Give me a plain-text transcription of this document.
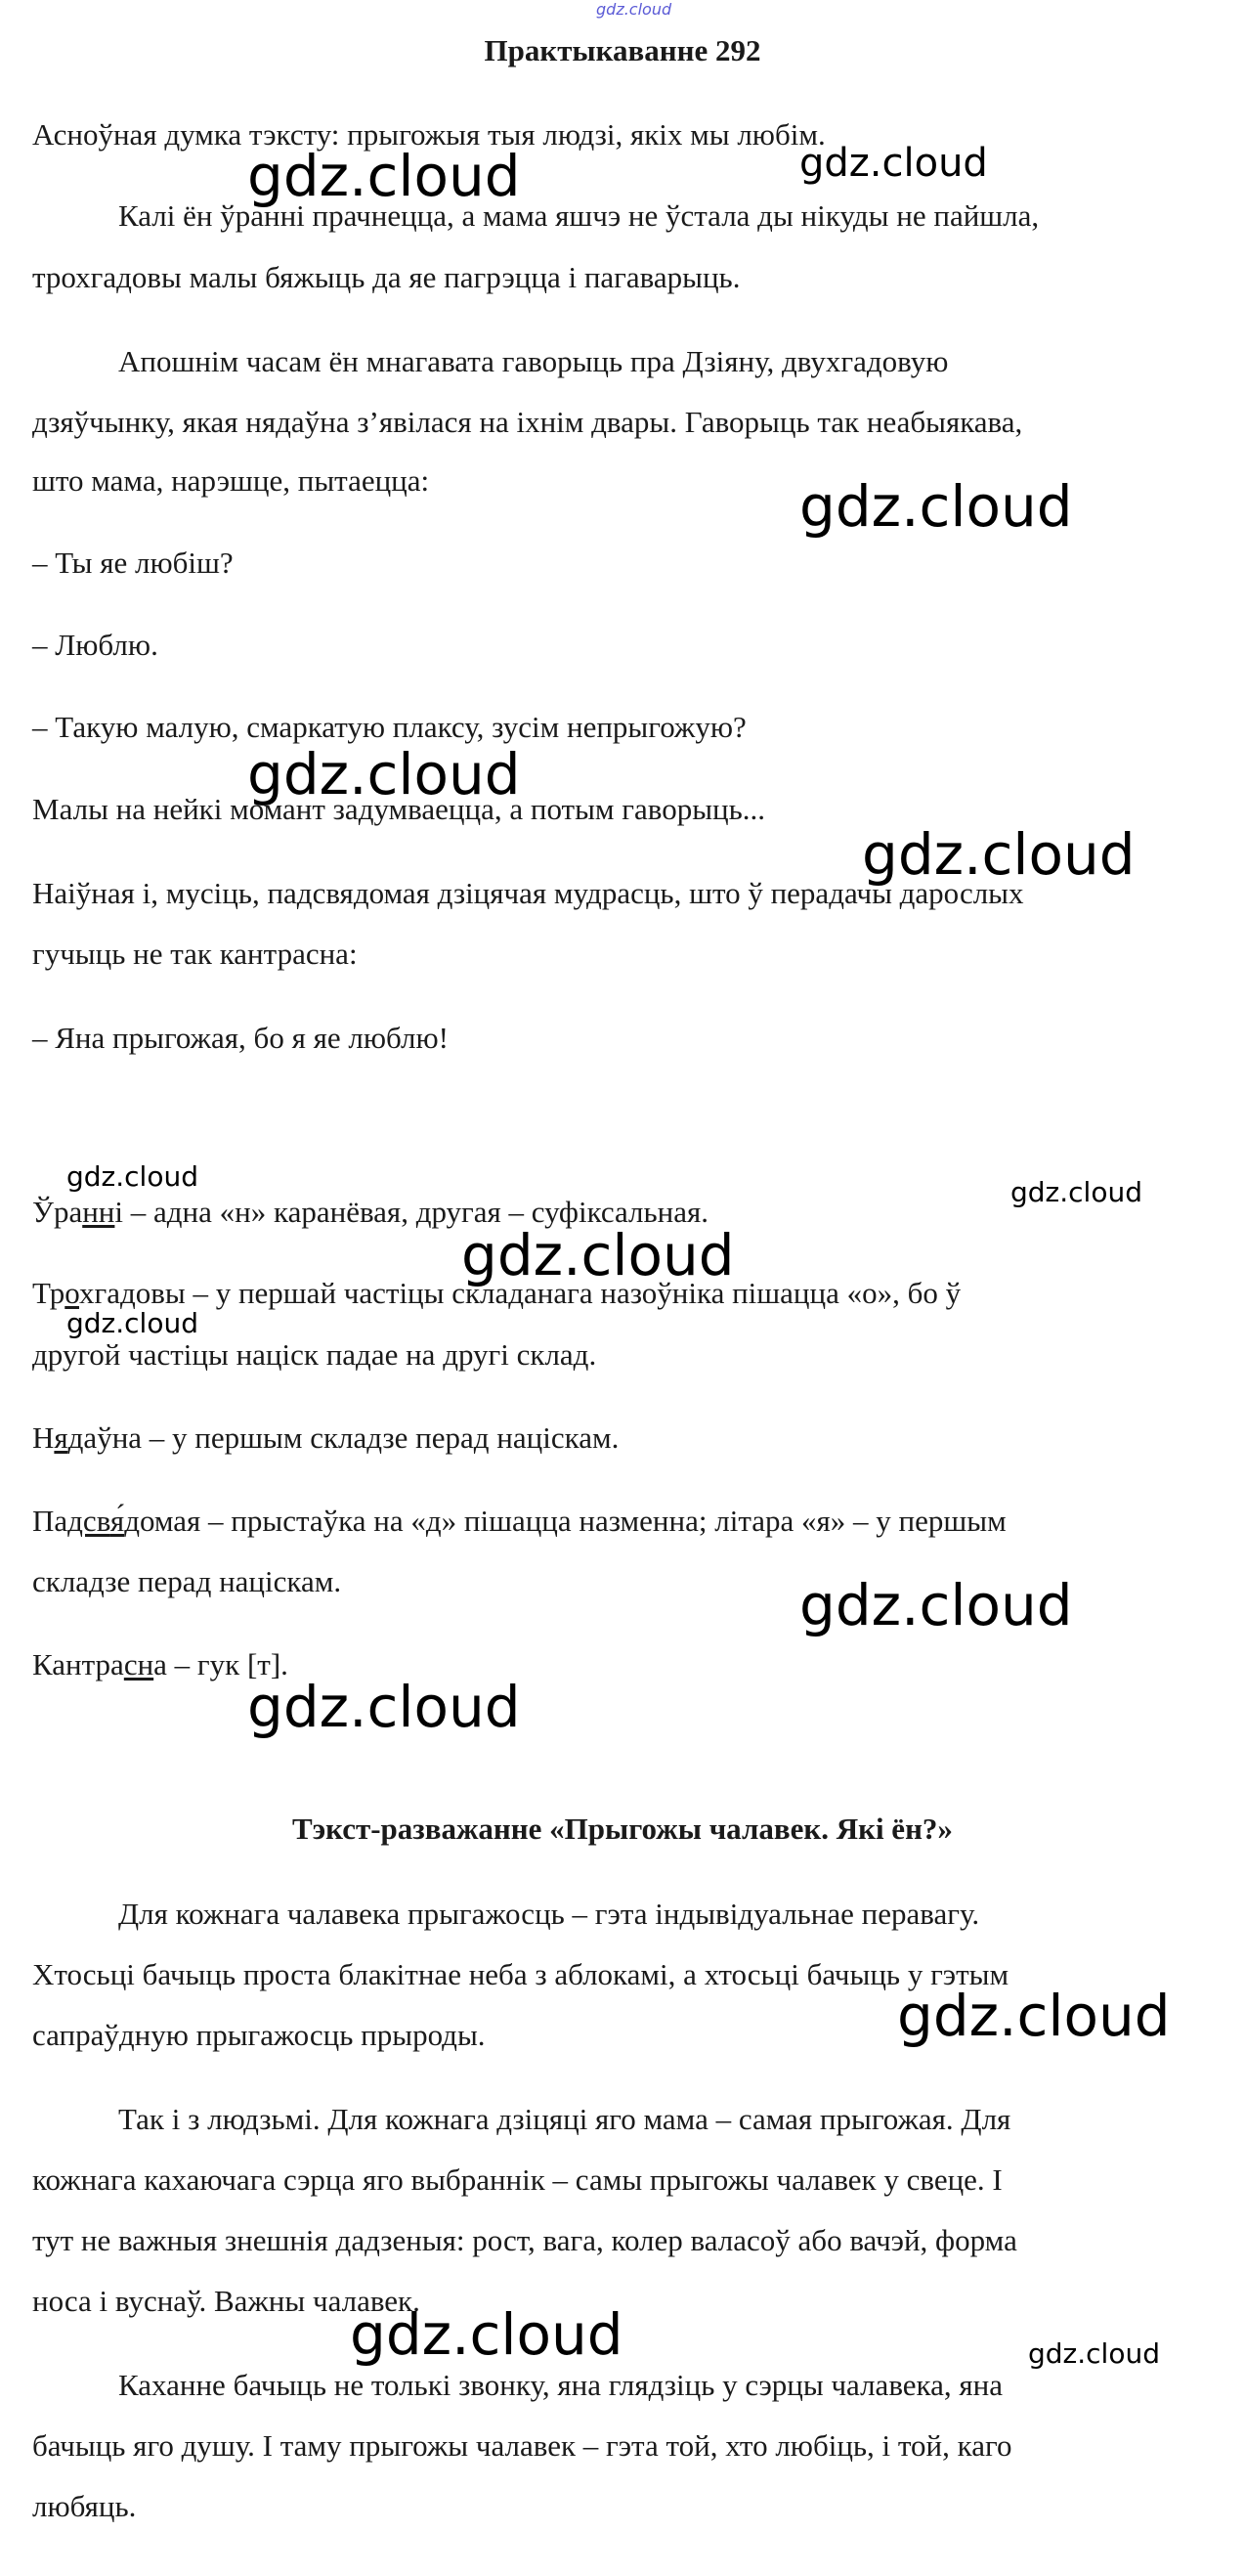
gdz.cloud
Практыкаванне 292
Асноўная думка тэксту: прыгожыя тыя людзі, якіх мы любім.
Калі ён ўранні прачнецца, а мама яшчэ не ўстала ды нікуды не пайшла,
трохгадовы малы бяжыць да яе пагрэцца і пагаварыць.
Апошнім часам ён мнагавата гаворыць пра Дзіяну, двухгадовую
дзяўчынку, якая нядаўна з’явілася на іхнім двары. Гаворыць так неабыякава,
што мама, нарэшце, пытаецца:
– Ты яе любіш?
– Люблю.
– Такую малую, смаркатую плаксу, зусім непрыгожую?
Малы на нейкі момант задумваецца, а потым гаворыць...
Наіўная і, мусіць, падсвядомая дзіцячая мудрасць, што ў перадачы дарослых
гучыць не так кантрасна:
– Яна прыгожая, бо я яе люблю!
Ўранні – адна «н» каранёвая, другая – суфіксальная.
Трохгадовы – у першай частіцы складанага назоўніка пішацца «о», бо ў
другой частіцы націск падае на другі склад.
Нядаўна – у першым складзе перад націскам.
Падсвя́домая – прыстаўка на «д» пішацца назменна; літара «я» – у першым
складзе перад націскам.
Кантрасна – гук [т].
Тэкст-разважанне «Прыгожы чалавек. Які ён?»
Для кожнага чалавека прыгажосць – гэта індывідуальнае перавагу.
Хтосьці бачыць проста блакітнае неба з аблокамі, а хтосьці бачыць у гэтым
сапраўдную прыгажосць прыроды.
Так і з людзьмі. Для кожнага дзіцяці яго мама – самая прыгожая. Для
кожнага кахаючага сэрца яго выбраннік – самы прыгожы чалавек у свеце. І
тут не важныя знешнія дадзеныя: рост, вага, колер валасоў або вачэй, форма
носа і вуснаў. Важны чалавек.
Каханне бачыць не толькі звонку, яна глядзіць у сэрцы чалавека, яна
бачыць яго душу. І таму прыгожы чалавек – гэта той, хто любіць, і той, каго
любяць.
gdz.cloud	gdz.cloud
gdz.cloud
gdz.cloud
gdz.cloud
gdz.cloud	gdz.cloud
gdz.cloud
gdz.cloud
gdz.cloud
gdz.cloud
gdz.cloud
gdz.cloud	gdz.cloud
